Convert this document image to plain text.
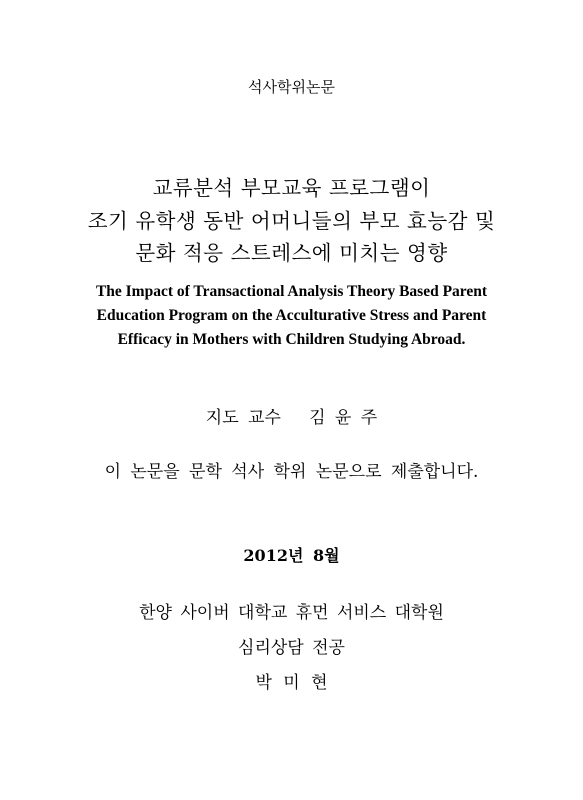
석사학위논문

교류분석 부모교육 프로그램이

조기 유학생 동반 어머니들의 부모 효능감 및

문화 적응 스트레스에 미치는 영향

The Impact of Transactional Analysis Theory Based Parent

Education Program on the Acculturative Stress and Parent

Efficacy in Mothers with Children Studying Abroad.

지도 교수   김 윤 주

이 논문을 문학 석사 학위 논문으로 제출합니다.

2012년 8월

한양 사이버 대학교 휴먼 서비스 대학원

심리상담 전공

박 미 현
